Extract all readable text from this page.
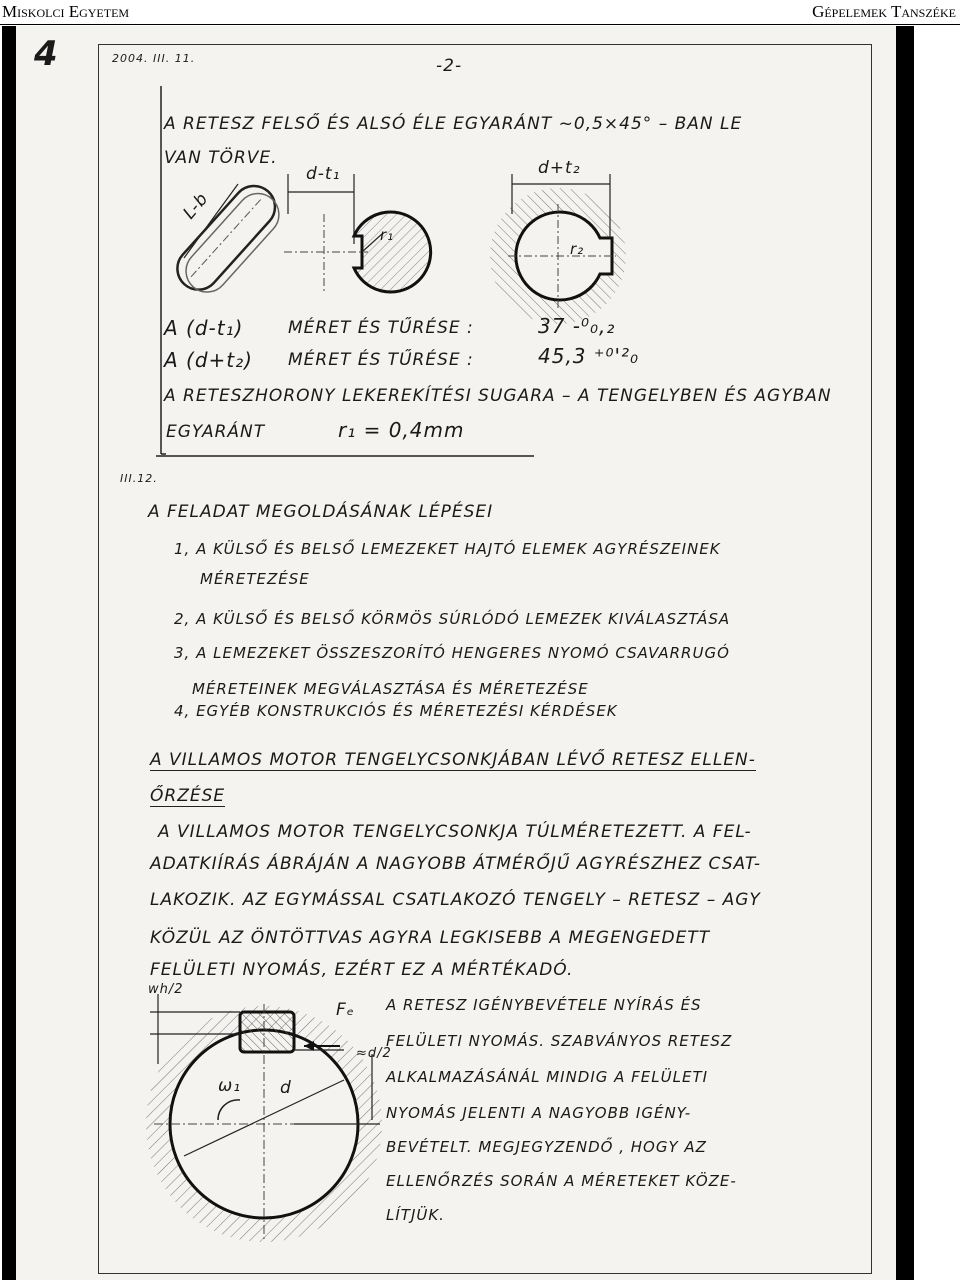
Miskolci Egyetem	Gépelemek Tanszéke
4	2004. III. 11.	-2-
A RETESZ FELSŐ ÉS ALSÓ ÉLE EGYARÁNT ~0,5×45° – BAN LE
VAN TÖRVE.
L-b
d-t₁
r₁
d+t₂
r₂
A (d-t₁)	MÉRET ÉS TŰRÉSE :	37 -⁰₀,₂
A (d+t₂) MÉRET ÉS TŰRÉSE :	45,3 ⁺⁰'²₀
A RETESZHORONY LEKEREKÍTÉSI SUGARA – A TENGELYBEN ÉS AGYBAN
EGYARÁNT	r₁ = 0,4mm
III.12.
A FELADAT MEGOLDÁSÁNAK LÉPÉSEI
1, A KÜLSŐ ÉS BELSŐ LEMEZEKET HAJTÓ ELEMEK AGYRÉSZEINEK
MÉRETEZÉSE
2, A KÜLSŐ ÉS BELSŐ KÖRMÖS SÚRLÓDÓ LEMEZEK KIVÁLASZTÁSA
3, A LEMEZEKET ÖSSZESZORÍTÓ HENGERES NYOMÓ CSAVARRUGÓ
MÉRETEINEK MEGVÁLASZTÁSA ÉS MÉRETEZÉSE
4, EGYÉB KONSTRUKCIÓS ÉS MÉRETEZÉSI KÉRDÉSEK
A VILLAMOS MOTOR TENGELYCSONKJÁBAN LÉVŐ RETESZ ELLEN-
ŐRZÉSE
A VILLAMOS MOTOR TENGELYCSONKJA TÚLMÉRETEZETT. A FEL-
ADATKIÍRÁS ÁBRÁJÁN A NAGYOBB ÁTMÉRŐJŰ AGYRÉSZHEZ CSAT-
LAKOZIK. AZ EGYMÁSSAL CSATLAKOZÓ TENGELY – RETESZ – AGY
KÖZÜL AZ ÖNTÖTTVAS AGYRA LEGKISEBB A MEGENGEDETT
FELÜLETI NYOMÁS, EZÉRT EZ A MÉRTÉKADÓ.
wh/2
Fₑ
≈d/2
ω₁ d
A RETESZ IGÉNYBEVÉTELE NYÍRÁS ÉS
FELÜLETI NYOMÁS. SZABVÁNYOS RETESZ
ALKALMAZÁSÁNÁL MINDIG A FELÜLETI
NYOMÁS JELENTI A NAGYOBB IGÉNY-
BEVÉTELT. MEGJEGYZENDŐ , HOGY AZ
ELLENŐRZÉS SORÁN A MÉRETEKET KÖZE-
LÍTJÜK.
